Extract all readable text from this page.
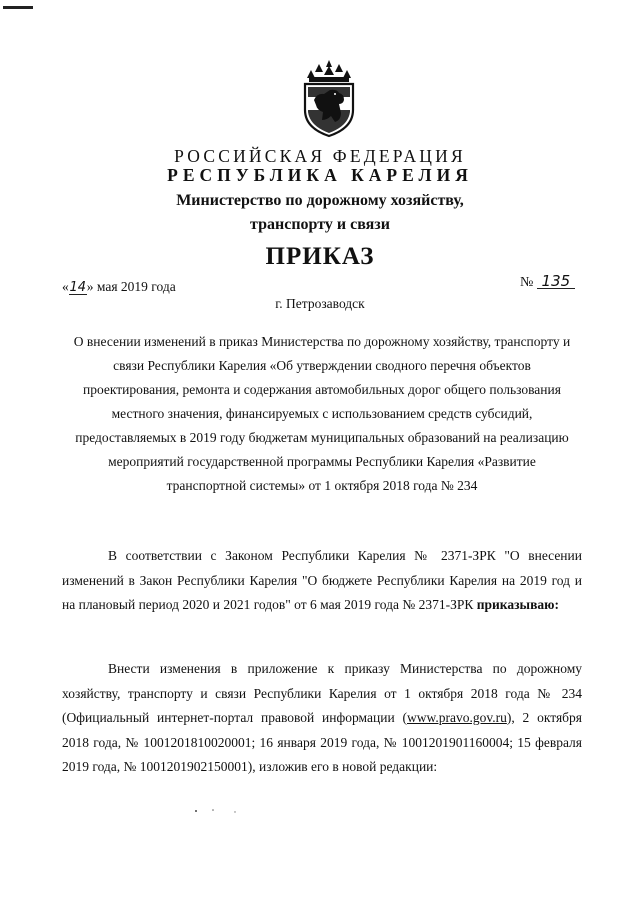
РОССИЙСКАЯ ФЕДЕРАЦИЯ
РЕСПУБЛИКА КАРЕЛИЯ
Министерство по дорожному хозяйству,
транспорту и связи
ПРИКАЗ
«14» мая 2019 года	№ 135
г. Петрозаводск
О внесении изменений в приказ Министерства по дорожному хозяйству, транспорту и
связи Республики Карелия «Об утверждении сводного перечня объектов
проектирования, ремонта и содержания автомобильных дорог общего пользования
местного значения, финансируемых с использованием средств субсидий,
предоставляемых в 2019 году бюджетам муниципальных образований на реализацию
мероприятий государственной программы Республики Карелия «Развитие
транспортной системы» от 1 октября 2018 года № 234
В соответствии с Законом Республики Карелия № 2371-ЗРК "О внесении изменений в Закон Республики Карелия "О бюджете Республики Карелия на 2019 год и на плановый период 2020 и 2021 годов" от 6 мая 2019 года № 2371-ЗРК приказываю:
Внести изменения в приложение к приказу Министерства по дорожному хозяйству, транспорту и связи Республики Карелия от 1 октября 2018 года № 234 (Официальный интернет-портал правовой информации (www.pravo.gov.ru), 2 октября 2018 года, № 1001201810020001; 16 января 2019 года, № 1001201901160004; 15 февраля 2019 года, № 1001201902150001), изложив его в новой редакции:
